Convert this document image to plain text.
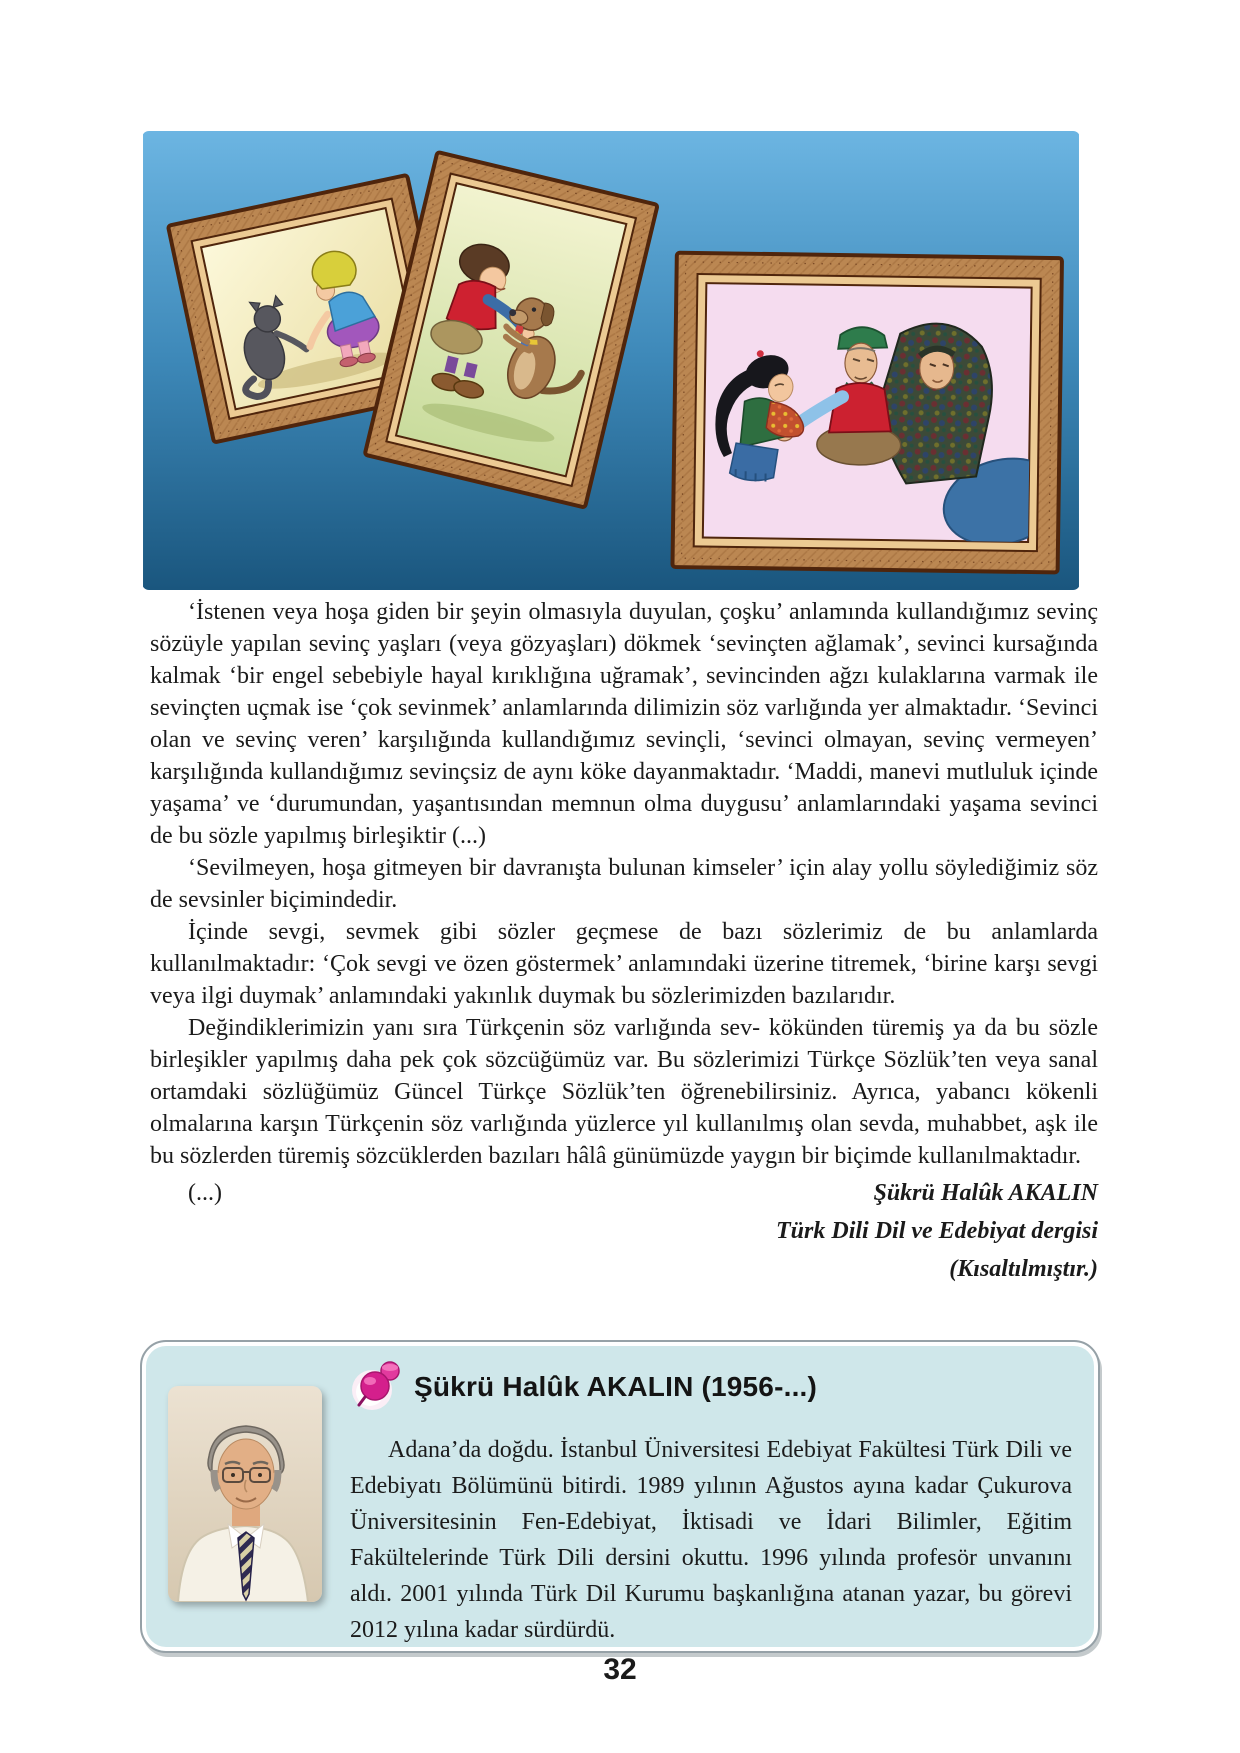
‘İstenen veya hoşa giden bir şeyin olmasıyla duyulan, çoşku’ anlamında kullandığımız sevinç sözüyle yapılan sevinç yaşları (veya gözyaşları) dökmek ‘sevinçten ağlamak’, sevinci kursağında kalmak ‘bir engel sebebiyle hayal kırıklığına uğramak’, sevincinden ağzı kulaklarına varmak ile sevinçten uçmak ise ‘çok sevinmek’ anlamlarında dilimizin söz varlığında yer almaktadır. ‘Sevinci olan ve sevinç veren’ karşılığında kullandığımız sevinçli, ‘sevinci olmayan, sevinç vermeyen’ karşılığında kullandığımız sevinçsiz de aynı köke dayanmaktadır. ‘Maddi, manevi mutluluk içinde yaşama’ ve ‘durumundan, yaşantısından memnun olma duygusu’ anlamlarındaki yaşama sevinci de bu sözle yapılmış birleşiktir (...)

‘Sevilmeyen, hoşa gitmeyen bir davranışta bulunan kimseler’ için alay yollu söylediğimiz söz de sevsinler biçimindedir.

İçinde sevgi, sevmek gibi sözler geçmese de bazı sözlerimiz de bu anlamlarda kullanılmaktadır: ‘Çok sevgi ve özen göstermek’ anlamındaki üzerine titremek, ‘birine karşı sevgi veya ilgi duymak’ anlamındaki yakınlık duymak bu sözlerimizden bazılarıdır.

Değindiklerimizin yanı sıra Türkçenin söz varlığında sev- kökünden türemiş ya da bu sözle birleşikler yapılmış daha pek çok sözcüğümüz var. Bu sözlerimizi Türkçe Sözlük’ten veya sanal ortamdaki sözlüğümüz Güncel Türkçe Sözlük’ten öğrenebilirsiniz. Ayrıca, yabancı kökenli olmalarına karşın Türkçenin söz varlığında yüzlerce yıl kullanılmış olan sevda, muhabbet, aşk ile bu sözlerden türemiş sözcüklerden bazıları hâlâ günümüzde yaygın bir biçimde kullanılmaktadır.

(...)	Şükrü Halûk AKALIN
Türk Dili Dil ve Edebiyat dergisi
(Kısaltılmıştır.)
Şükrü Halûk AKALIN (1956-...)

Adana’da doğdu. İstanbul Üniversitesi Edebiyat Fakültesi Türk Dili ve Edebiyatı Bölümünü bitirdi. 1989 yılının Ağustos ayına kadar Çukurova Üniversitesinin Fen-Edebiyat, İktisadi ve İdari Bilimler, Eğitim Fakültelerinde Türk Dili dersini okuttu. 1996 yılında profesör unvanını aldı. 2001 yılında Türk Dil Kurumu başkanlığına atanan yazar, bu görevi 2012 yılına kadar sürdürdü.

32
